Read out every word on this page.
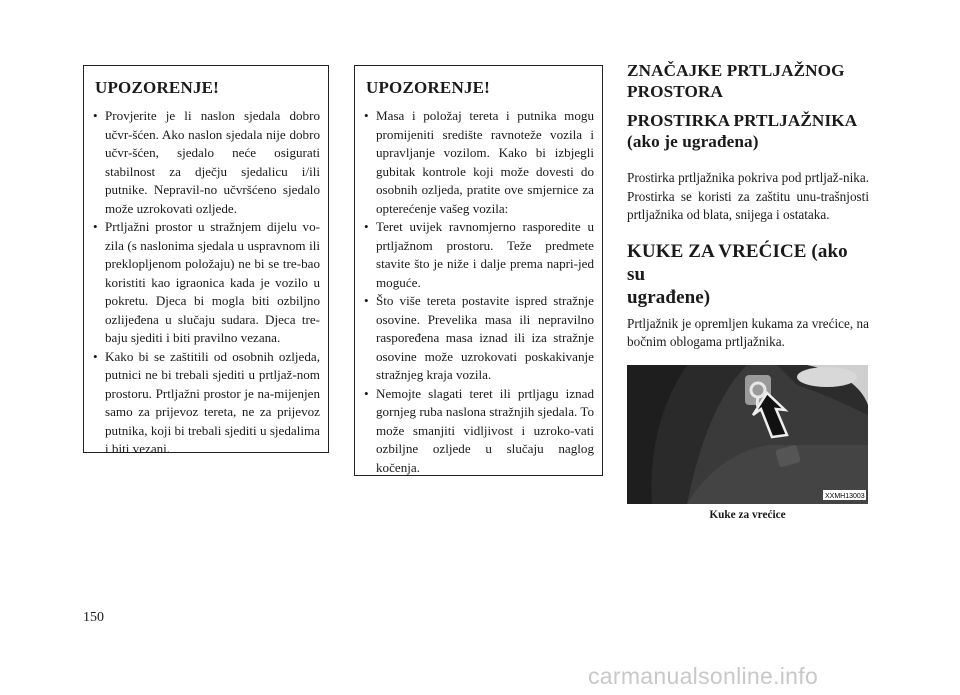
UPOZORENJE!
• Provjerite je li naslon sjedala dobro učvr-šćen. Ako naslon sjedala nije dobro učvr-šćen, sjedalo neće osigurati stabilnost za dječju sjedalicu i/ili putnike. Nepravil-no učvršćeno sjedalo može uzrokovati ozljede.
• Prtljažni prostor u stražnjem dijelu vo-zila (s naslonima sjedala u uspravnom ili preklopljenom položaju) ne bi se tre-bao koristiti kao igraonica kada je vozilo u pokretu. Djeca bi mogla biti ozbiljno ozlijeđena u slučaju sudara. Djeca tre-baju sjediti i biti pravilno vezana.
• Kako bi se zaštitili od osobnih ozljeda, putnici ne bi trebali sjediti u prtljaž-nom prostoru. Prtljažni prostor je na-mijenjen samo za prijevoz tereta, ne za prijevoz putnika, koji bi trebali sjediti u sjedalima i biti vezani.
UPOZORENJE!
• Masa i položaj tereta i putnika mogu promijeniti središte ravnoteže vozila i upravljanje vozilom. Kako bi izbjegli gubitak kontrole koji može dovesti do osobnih ozljeda, pratite ove smjernice za opterećenje vašeg vozila:
• Teret uvijek ravnomjerno rasporedite u prtljažnom prostoru. Teže predmete stavite što je niže i dalje prema napri-jed moguće.
• Što više tereta postavite ispred stražnje osovine. Prevelika masa ili nepravilno raspoređena masa iznad ili iza stražnje osovine može uzrokovati poskakivanje stražnjeg kraja vozila.
• Nemojte slagati teret ili prtljagu iznad gornjeg ruba naslona stražnjih sjedala. To može smanjiti vidljivost i uzroko-vati ozbiljne ozljede u slučaju naglog kočenja.
ZNAČAJKE PRTLJAŽNOG
PROSTORA
PROSTIRKA PRTLJAŽNIKA
(ako je ugrađena)

Prostirka prtljažnika pokriva pod prtljaž-nika. Prostirka se koristi za zaštitu unu-trašnjosti prtljažnika od blata, snijega i ostataka.

KUKE ZA VREĆICE (ako su
ugrađene)

Prtljažnik je opremljen kukama za vrećice, na bočnim oblogama prtljažnika.

XXMH13003
Kuke za vrećice
150
carmanualsonline.info
